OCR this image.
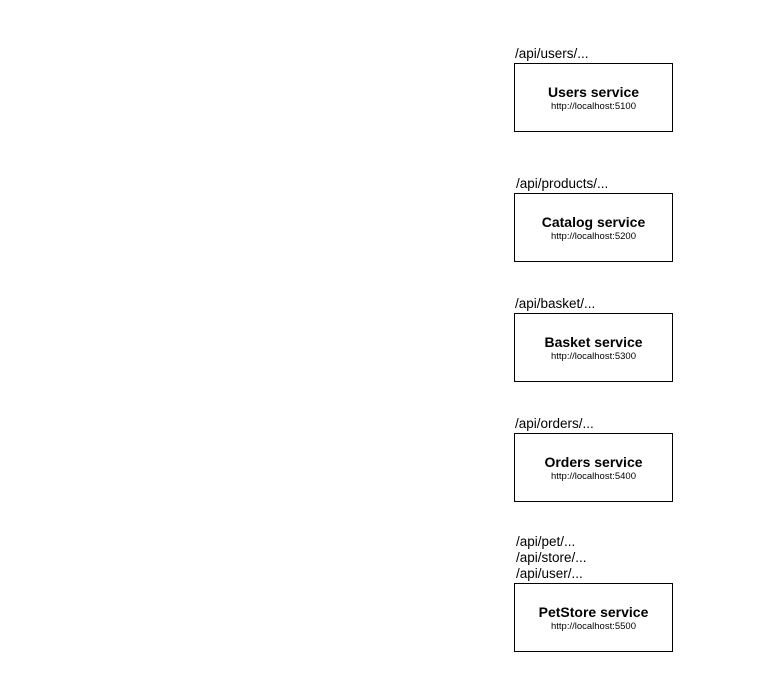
/api/users/...
Users service
http://localhost:5100
/api/products/...
Catalog service
http://localhost:5200
/api/basket/...
Basket service
http://localhost:5300
/api/orders/...
Orders service
http://localhost:5400
/api/pet/...
/api/store/...
/api/user/...
PetStore service
http://localhost:5500
